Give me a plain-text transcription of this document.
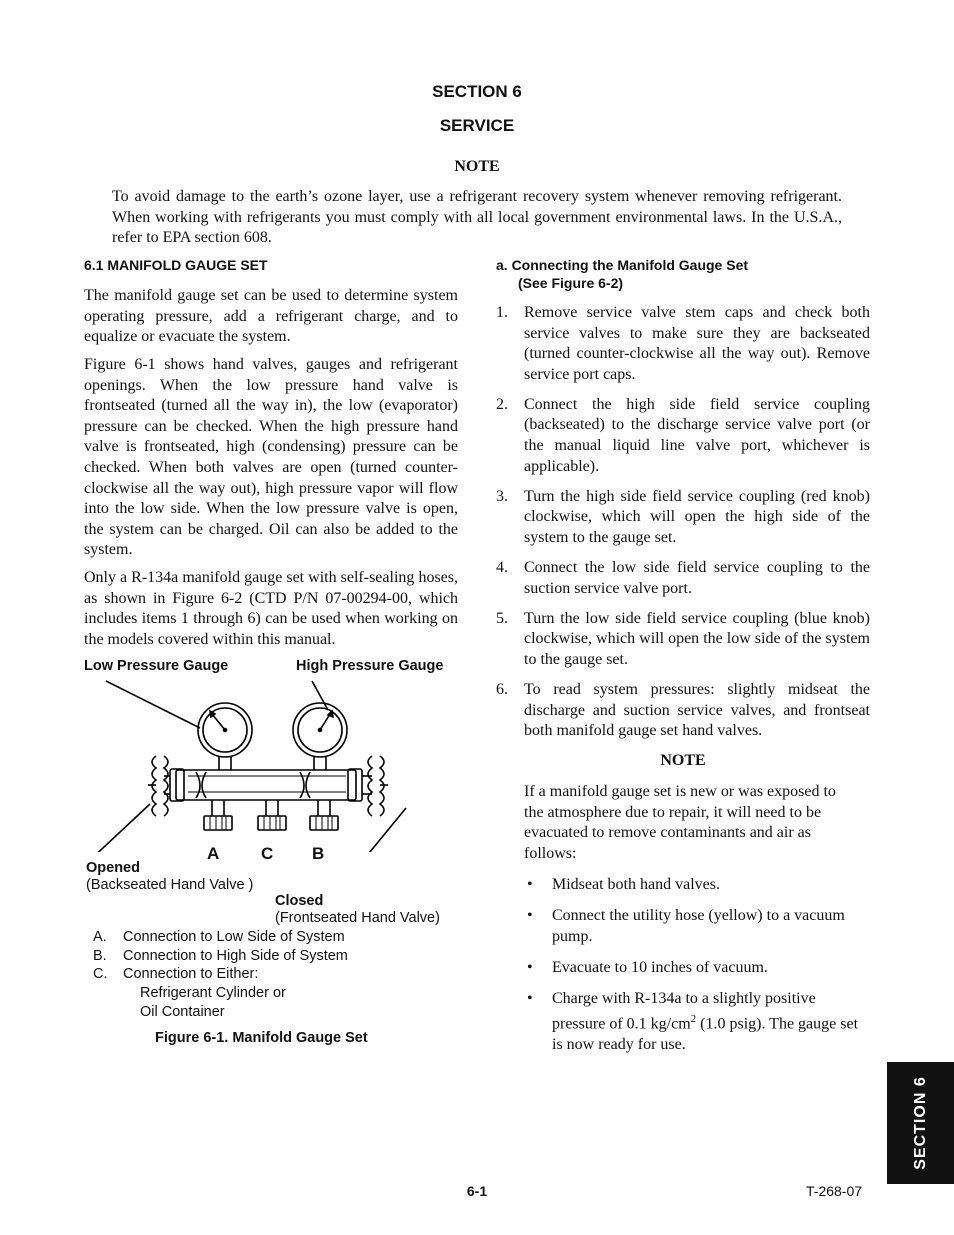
SECTION 6
SERVICE
NOTE
To avoid damage to the earth’s ozone layer, use a refrigerant recovery system whenever removing refrigerant. When working with refrigerants you must comply with all local government environmental laws. In the U.S.A., refer to EPA section 608.
6.1 MANIFOLD GAUGE SET
The manifold gauge set can be used to determine system operating pressure, add a refrigerant charge, and to equalize or evacuate the system.
Figure 6-1 shows hand valves, gauges and refrigerant openings. When the low pressure hand valve is frontseated (turned all the way in), the low (evaporator) pressure can be checked. When the high pressure hand valve is frontseated, high (condensing) pressure can be checked. When both valves are open (turned counter-clockwise all the way out), high pressure vapor will flow into the low side. When the low pressure valve is open, the system can be charged. Oil can also be added to the system.
Only a R-134a manifold gauge set with self-sealing hoses, as shown in Figure 6-2 (CTD P/N 07-00294-00, which includes items 1 through 6) can be used when working on the models covered within this manual.
Low Pressure Gauge	High Pressure Gauge
A C B
Opened
(Backseated Hand Valve )
Closed
(Frontseated Hand Valve)
A. Connection to Low Side of System
B. Connection to High Side of System
C. Connection to Either:
Refrigerant Cylinder or
Oil Container
Figure 6-1. Manifold Gauge Set
a. Connecting the Manifold Gauge Set
(See Figure 6-2)
1. Remove service valve stem caps and check both service valves to make sure they are backseated (turned counter-clockwise all the way out). Remove service port caps.
2. Connect the high side field service coupling (backseated) to the discharge service valve port (or the manual liquid line valve port, whichever is applicable).
3. Turn the high side field service coupling (red knob) clockwise, which will open the high side of the system to the gauge set.
4. Connect the low side field service coupling to the suction service valve port.
5. Turn the low side field service coupling (blue knob) clockwise, which will open the low side of the system to the gauge set.
6. To read system pressures: slightly midseat the discharge and suction service valves, and frontseat both manifold gauge set hand valves.
NOTE
If a manifold gauge set is new or was exposed to the atmosphere due to repair, it will need to be evacuated to remove contaminants and air as follows:
• Midseat both hand valves.
• Connect the utility hose (yellow) to a vacuum pump.
• Evacuate to 10 inches of vacuum.
• Charge with R-134a to a slightly positive pressure of 0.1 $kg/cm^2$ (1.0 psig). The gauge set is now ready for use.
SECTION 6
6-1	T-268-07
